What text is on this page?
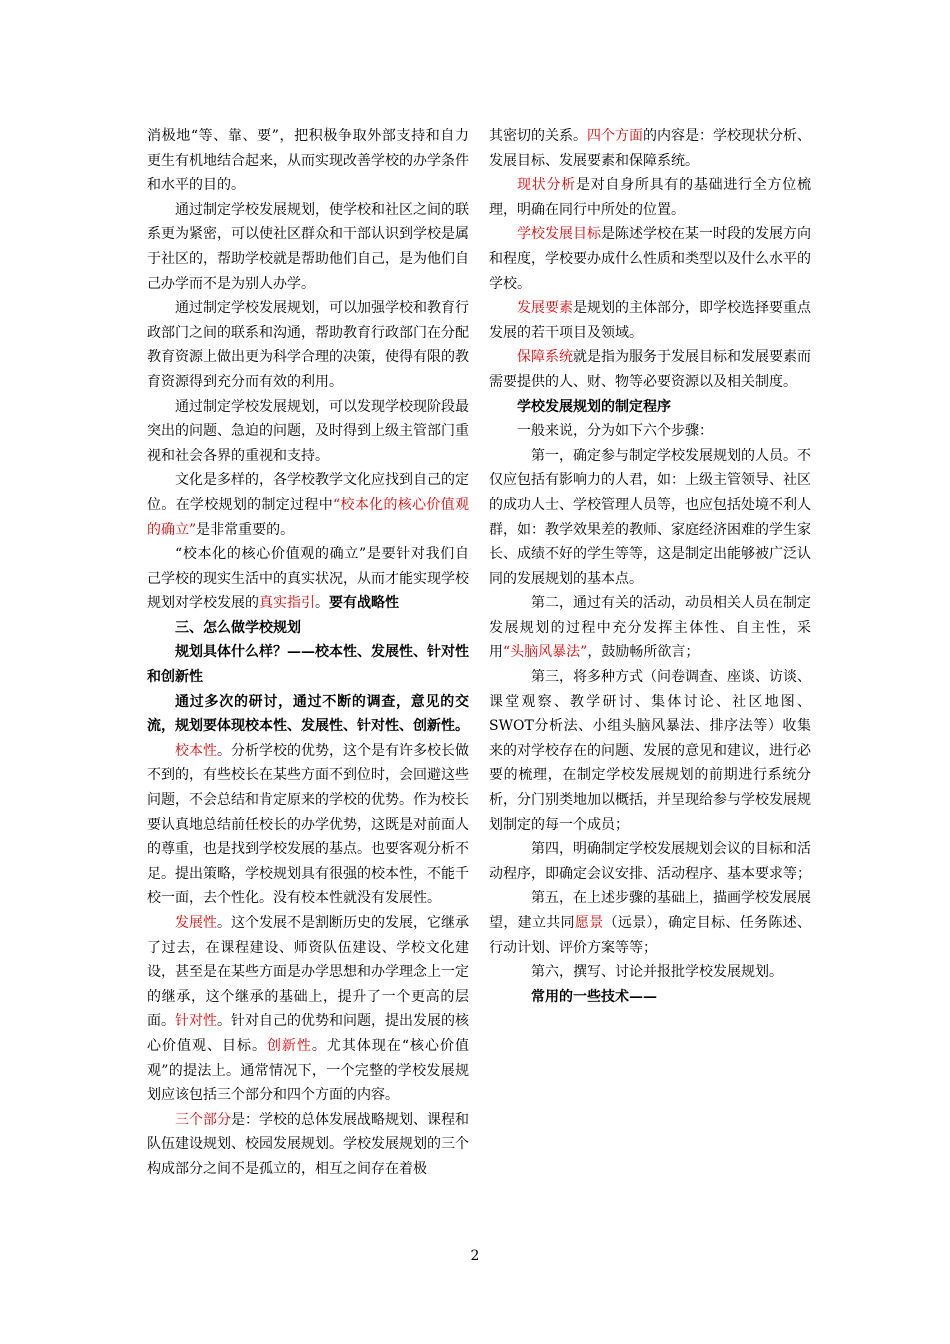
消极地“等、靠、要”，把积极争取外部支持和自力更生有机地结合起来，从而实现改善学校的办学条件和水平的目的。

通过制定学校发展规划，使学校和社区之间的联系更为紧密，可以使社区群众和干部认识到学校是属于社区的，帮助学校就是帮助他们自己，是为他们自己办学而不是为别人办学。

通过制定学校发展规划，可以加强学校和教育行政部门之间的联系和沟通，帮助教育行政部门在分配教育资源上做出更为科学合理的决策，使得有限的教育资源得到充分而有效的利用。

通过制定学校发展规划，可以发现学校现阶段最突出的问题、急迫的问题，及时得到上级主管部门重视和社会各界的重视和支持。

文化是多样的，各学校教学文化应找到自己的定位。在学校规划的制定过程中“校本化的核心价值观的确立”是非常重要的。

“校本化的核心价值观的确立”是要针对我们自己学校的现实生活中的真实状况，从而才能实现学校规划对学校发展的真实指引。要有战略性

三、怎么做学校规划

规划具体什么样？——校本性、发展性、针对性和创新性

通过多次的研讨，通过不断的调查，意见的交流，规划要体现校本性、发展性、针对性、创新性。

校本性。分析学校的优势，这个是有许多校长做不到的，有些校长在某些方面不到位时，会回避这些问题，不会总结和肯定原来的学校的优势。作为校长要认真地总结前任校长的办学优势，这既是对前面人的尊重，也是找到学校发展的基点。也要客观分析不足。提出策略，学校规划具有很强的校本性，不能千校一面，去个性化。没有校本性就没有发展性。

发展性。这个发展不是割断历史的发展，它继承了过去，在课程建设、师资队伍建设、学校文化建设，甚至是在某些方面是办学思想和办学理念上一定的继承，这个继承的基础上，提升了一个更高的层面。针对性。针对自己的优势和问题，提出发展的核心价值观、目标。创新性。尤其体现在“核心价值观”的提法上。通常情况下，一个完整的学校发展规划应该包括三个部分和四个方面的内容。

三个部分是：学校的总体发展战略规划、课程和队伍建设规划、校园发展规划。学校发展规划的三个构成部分之间不是孤立的，相互之间存在着极

其密切的关系。四个方面的内容是：学校现状分析、发展目标、发展要素和保障系统。

现状分析是对自身所具有的基础进行全方位梳理，明确在同行中所处的位置。

学校发展目标是陈述学校在某一时段的发展方向和程度，学校要办成什么性质和类型以及什么水平的学校。

发展要素是规划的主体部分，即学校选择要重点发展的若干项目及领域。

保障系统就是指为服务于发展目标和发展要素而需要提供的人、财、物等必要资源以及相关制度。

学校发展规划的制定程序

一般来说，分为如下六个步骤：

第一，确定参与制定学校发展规划的人员。不仅应包括有影响力的人君，如：上级主管领导、社区的成功人士、学校管理人员等，也应包括处境不利人群，如：教学效果差的教师、家庭经济困难的学生家长、成绩不好的学生等等，这是制定出能够被广泛认同的发展规划的基本点。

第二，通过有关的活动，动员相关人员在制定发展规划的过程中充分发挥主体性、自主性，采用“头脑风暴法”，鼓励畅所欲言；

第三，将多种方式（问卷调查、座谈、访谈、课堂观察、教学研讨、集体讨论、社区地图、SWOT分析法、小组头脑风暴法、排序法等）收集来的对学校存在的问题、发展的意见和建议，进行必要的梳理，在制定学校发展规划的前期进行系统分析，分门别类地加以概括，并呈现给参与学校发展规划制定的每一个成员；

第四，明确制定学校发展规划会议的目标和活动程序，即确定会议安排、活动程序、基本要求等；

第五，在上述步骤的基础上，描画学校发展展望，建立共同愿景（远景），确定目标、任务陈述、行动计划、评价方案等等；

第六，撰写、讨论并报批学校发展规划。

常用的一些技术——

2
